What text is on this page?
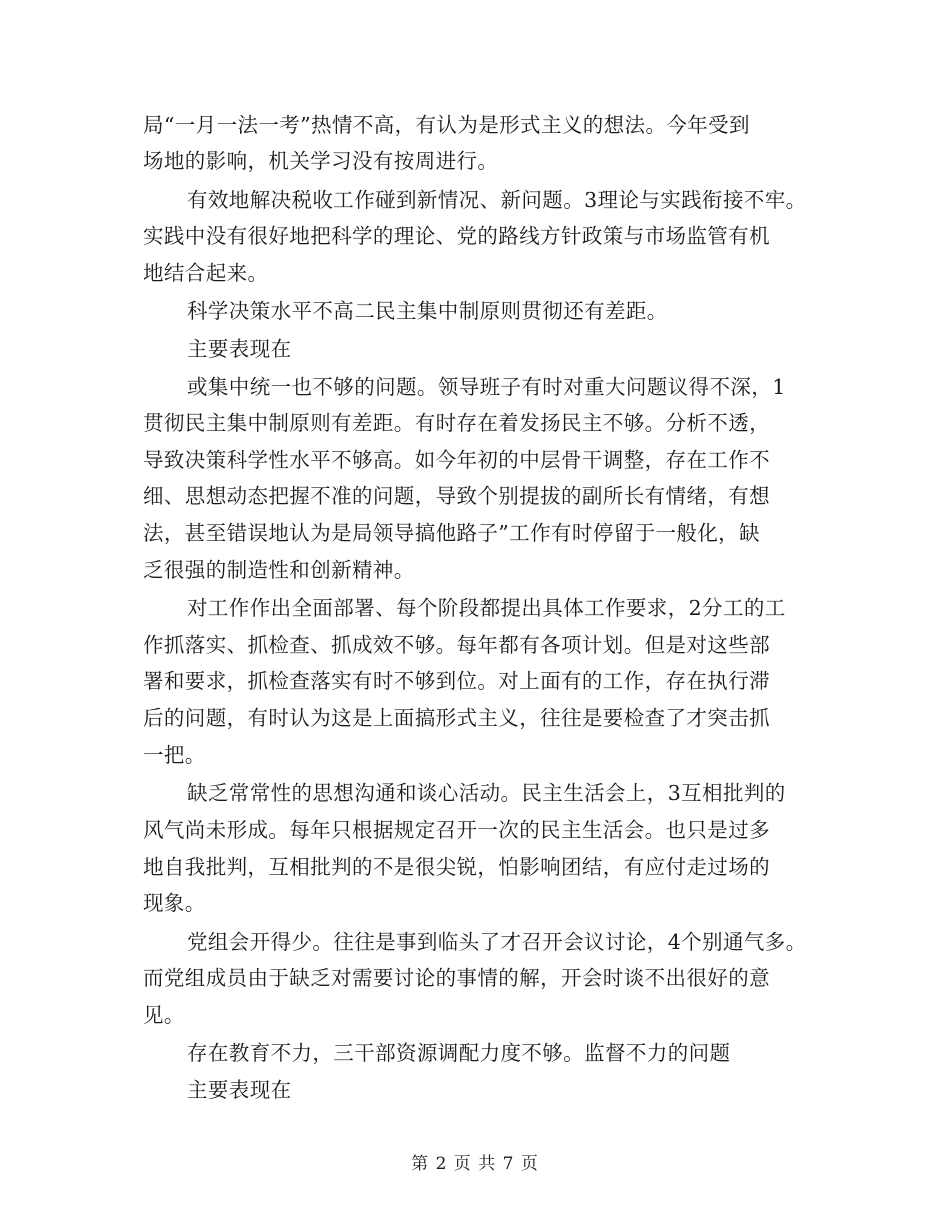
局“一月一法一考”热情不高，有认为是形式主义的想法。今年受到
场地的影响，机关学习没有按周进行。
有效地解决税收工作碰到新情况、新问题。3理论与实践衔接不牢。
实践中没有很好地把科学的理论、党的路线方针政策与市场监管有机
地结合起来。
科学决策水平不高二民主集中制原则贯彻还有差距。
主要表现在
或集中统一也不够的问题。领导班子有时对重大问题议得不深，1
贯彻民主集中制原则有差距。有时存在着发扬民主不够。分析不透，
导致决策科学性水平不够高。如今年初的中层骨干调整，存在工作不
细、思想动态把握不准的问题，导致个别提拔的副所长有情绪，有想
法，甚至错误地认为是局领导搞他路子”工作有时停留于一般化，缺
乏很强的制造性和创新精神。
对工作作出全面部署、每个阶段都提出具体工作要求，2分工的工
作抓落实、抓检查、抓成效不够。每年都有各项计划。但是对这些部
署和要求，抓检查落实有时不够到位。对上面有的工作，存在执行滞
后的问题，有时认为这是上面搞形式主义，往往是要检查了才突击抓
一把。
缺乏常常性的思想沟通和谈心活动。民主生活会上，3互相批判的
风气尚未形成。每年只根据规定召开一次的民主生活会。也只是过多
地自我批判，互相批判的不是很尖锐，怕影响团结，有应付走过场的
现象。
党组会开得少。往往是事到临头了才召开会议讨论，4个别通气多。
而党组成员由于缺乏对需要讨论的事情的解，开会时谈不出很好的意
见。
存在教育不力，三干部资源调配力度不够。监督不力的问题
主要表现在
第 2 页 共 7 页
